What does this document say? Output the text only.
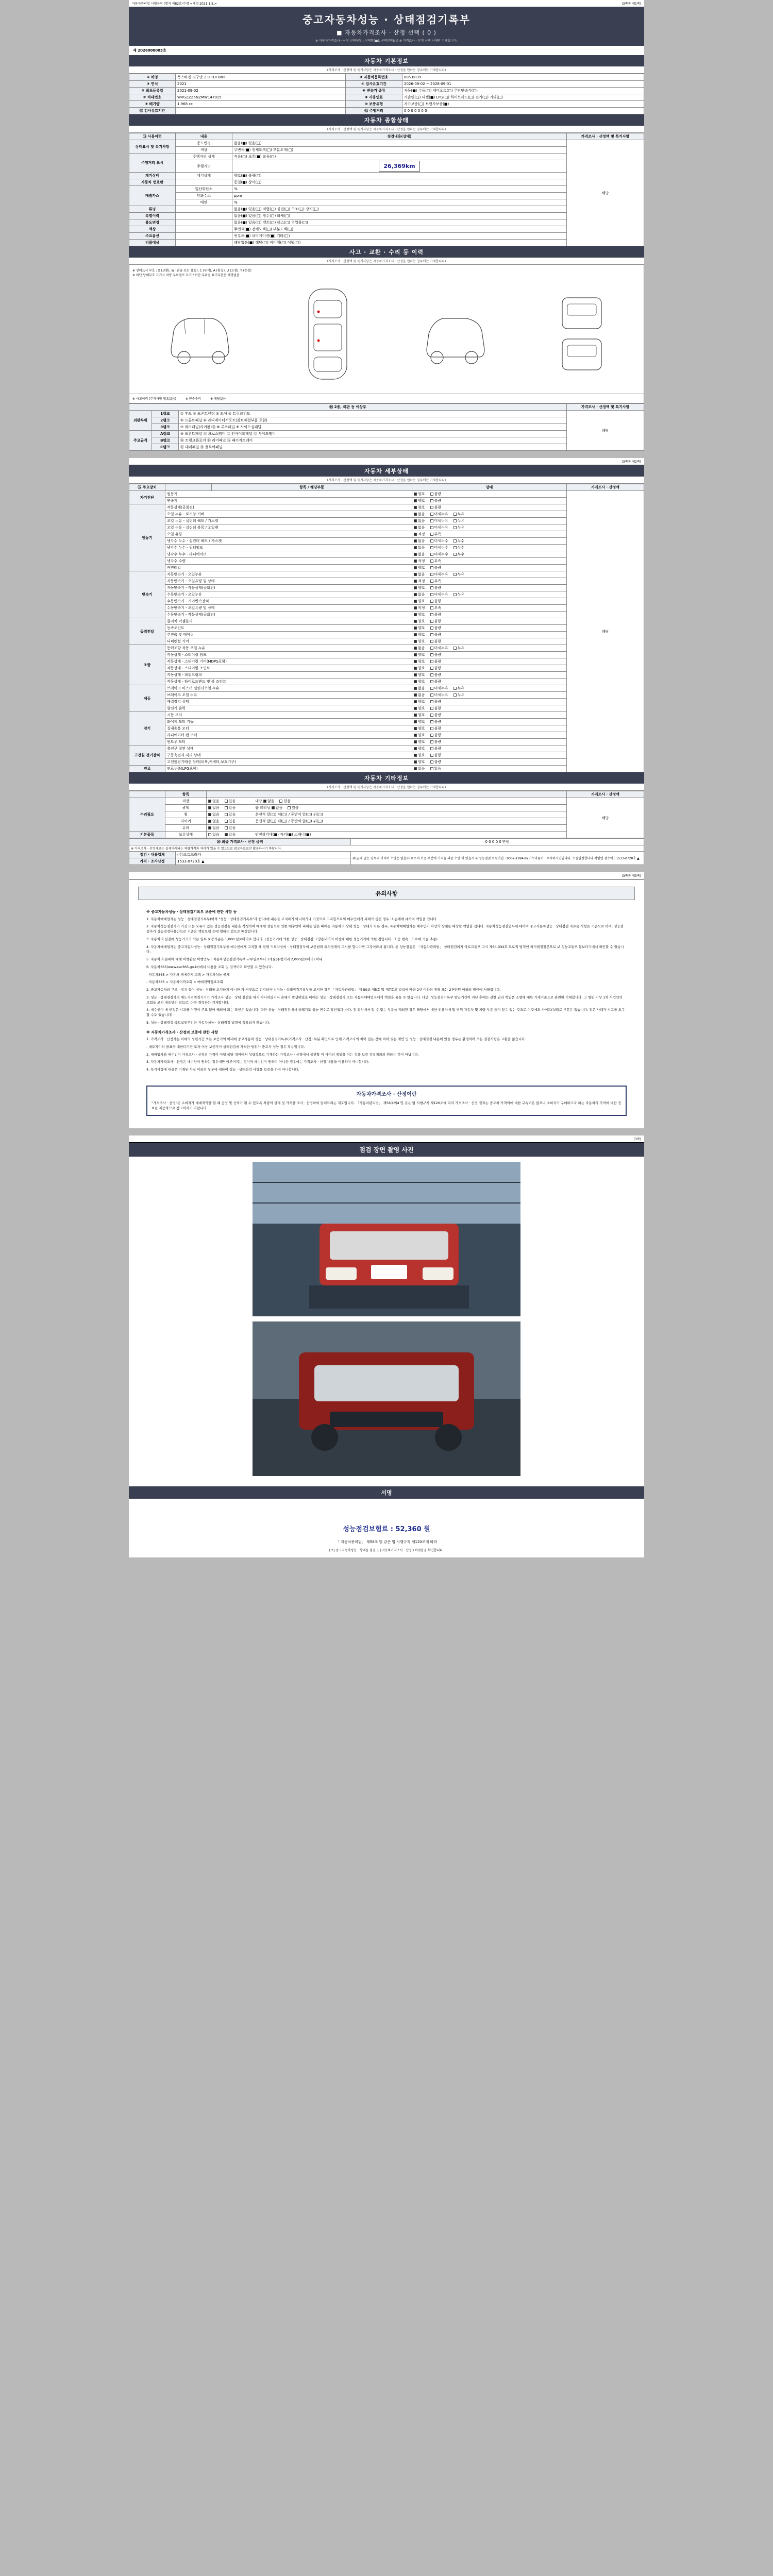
자동차관리법 시행규칙 [별지 제82호서식] <개정 2021.1.5.>	(3쪽중 제1쪽)
중고자동차성능 · 상태점검기록부
■ 자동차가격조사 · 산정 선택 ( 0 )
※ 자동차가격조사 · 산정 선택여부 : 선택함(■), 선택안함(□) ※ 가격조사 · 산정 선택 시에만 기재합니다.
제 2026000003호
자동차 기본정보
(가격조사 · 산정액 및 특기사항은 자동차가격조사 · 산정을 원하는 경우에만 기재합니다)
① 차명	폭스바겐 티구안 2.0 TDI BMT	② 자동차등록번호	88노8039
③ 연식	2021	④ 검사유효기간	2026-09-02 ~ 2028-09-01
⑤ 최초등록일	2021-09-02	⑥ 변속기 종류	자동(■) 수동(□) 세미오토(□) 무단변속기(□)
⑦ 차대번호	WVGZZZ5NZMW147915	⑧ 사용연료	가솔린(□) 디젤(■) LPG(□) 하이브리드(□) 전기(□) 기타(□)
⑨ 배기량	1,968 cc	⑩ 보증유형	자가보증(□) 보험사보증(■)
⑪ 검사유효기간		⑫ 주행거리	0 0 0 0 0 0 0
자동차 종합상태
(가격조사 · 산정액 및 특기사항은 자동차가격조사 · 산정을 원하는 경우에만 기재합니다)
⑬ 사용이력	내용	점검내용(상태)	가격조사 · 산정액 및 특기사항
상태표시 및 특기사항	용도변경	없음(■) 있음(□)	해당
	색상	무변색(■) 전체도색(□) 부분도색(□)	
주행거리 표시	주행거리 상태	적음(□) 보통(■) 많음(□)	
	주행거리	26,369km	
계기상태	계기상태	양호(■) 불량(□)	
자동차 번호판		동일(■) 상이(□)	
배출가스	일산화탄소	%	
	탄화수소	ppm	
	매연	%	
튜닝		없음(■) 있음(□) 적법(□) 불법(□) 구조(□) 장치(□)	
특별이력		없음(■) 있음(□) 침수(□) 화재(□)	
용도변경		없음(■) 있음(□) 렌트(□) 리스(□) 영업용(□)	
색상		무변색(■) 전체도색(□) 부분도색(□)	
주요옵션		썬루프(■) 내비게이션(■) 기타(□)	
리콜대상		해당없음(■) 해당(□) 미이행(□) 이행(□)	
사고 · 교환 · 수리 등 이력
(가격조사 · 산정액 및 특기사항은 자동차가격조사 · 산정을 원하는 경우에만 기재합니다)
※ 상태표시 부호 : X (교환), W (판금 또는 용접), C (부식), A (흠집), U (요철), T (손상)
※ 하단 당해부호 표기시 차량 부위별로 표기 / 하단 부위별 표기부분은 해당없음
※ 사고이력 (주의사항 필요없음)	※ 단순수리	※ 해당없음
⑭ 2종, 외판 등 이상부			가격조사 · 산정액 및 특기사항
외판부위	1랭크	① 후드 ② 프론트펜더 ③ 도어 ④ 트렁크리드	해당
	2랭크	⑤ 프론트패널 ⑥ 라디에이터서포트(볼트체결부품 포함)	
	3랭크	⑦ 쿼터패널(리어펜더) ⑧ 루프패널 ⑨ 사이드실패널	
주요골격	A랭크	⑩ 프론트패널 ⑪ 크로스멤버 ⑫ 인사이드패널 ⑬ 사이드멤버	
	B랭크	⑭ 트렁크플로어 ⑮ 리어패널 ⑯ 패키지트레이	
	C랭크	⑰ 대쉬패널 ⑱ 플로어패널	
(3쪽중 제2쪽)
자동차 세부상태
(가격조사 · 산정액 및 특기사항은 자동차가격조사 · 산정을 원하는 경우에만 기재합니다)
⑮ 주요장치		항목 / 해당부품	상태	가격조사 · 산정액
자기진단	원동기		양호 불량	해당
	변속기		양호 불량	
원동기	작동상태(공회전)		양호 불량	
	오일 누유 - 로커암 커버		없음 미세누유 누유	
	오일 누유 - 실린더 헤드 / 가스켓		없음 미세누유 누유	
	오일 누유 - 실린더 블록 / 오일팬		없음 미세누유 누유	
	오일 유량		적정 부족	
	냉각수 누수 - 실린더 헤드 / 가스켓		없음 미세누수 누수	
	냉각수 누수 - 워터펌프		없음 미세누수 누수	
	냉각수 누수 - 라디에이터		없음 미세누수 누수	
	냉각수 수량		적정 부족	
	커먼레일		양호 불량	
변속기	자동변속기 - 오일누유		없음 미세누유 누유	
	자동변속기 - 오일유량 및 상태		적정 부족	
	자동변속기 - 작동상태(공회전)		양호 불량	
	수동변속기 - 오일누유		없음 미세누유 누유	
	수동변속기 - 기어변속장치		양호 불량	
	수동변속기 - 오일유량 및 상태		적정 부족	
	수동변속기 - 작동상태(공회전)		양호 불량	
동력전달	클러치 어셈블리		양호 불량	
	등속조인트		양호 불량	
	추진축 및 베어링		양호 불량	
	디퍼렌셜 기어		양호 불량	
조향	동력조향 작동 오일 누유		없음 미세누유 누유	
	작동상태 - 스티어링 펌프		양호 불량	
	작동상태 - 스티어링 기어(MDPS포함)		양호 불량	
	작동상태 - 스티어링 조인트		양호 불량	
	작동상태 - 파워크랭크		양호 불량	
	작동상태 - 타이로드엔드 및 볼 조인트		양호 불량	
제동	브레이크 마스터 실린더오일 누유		없음 미세누유 누유	
	브레이크 오일 누유		없음 미세누유 누유	
	배력장치 상태		양호 불량	
	발전기 출력		양호 불량	
전기	시동 모터		양호 불량	
	와이퍼 모터 기능		양호 불량	
	실내송풍 모터		양호 불량	
	라디에이터 팬 모터		양호 불량	
	윈도우 모터		양호 불량	
고전원 전기장치	충전구 절연 상태		양호 불량	
	구동축전지 격리 상태		양호 불량	
	고전원전기배선 상태(피복,커넥터,보호기구)		양호 불량	
연료	연료누출(LPG포함)		없음 있음	
자동차 기타정보
(가격조사 · 산정액 및 특기사항은 자동차가격조사 · 산정을 원하는 경우에만 기재합니다)
	항목		가격조사 · 산정액
수리필요	외장	없음 있음 내장 없음 있음	해당
	광택	없음 있음 룸 크리닝 없음 있음	
	휠	없음 있음 운전석 앞(□) 뒤(□) / 동반석 앞(□) 뒤(□)	
	타이어	없음 있음 운전석 앞(□) 뒤(□) / 동반석 앞(□) 뒤(□)	
	유리	없음 있음	
기본품목	보유상태	없음 있음 안전삼각대(■) 자키(■) 스패너(■)	
⑯ 최종 가격조사 · 산정 금액		0 0 0 0 0 만원
※ 가격조사 · 산정자료는 실제거래되는 차량가격과 차이가 있을 수 있으므로 참고자료로만 활용하시기 바랍니다.		
점검 · 내용업체	(주)오토프라자	위(끝에 없는 항목의 가격이 수량은 없음)자료로써 보증 부분에 가격을 의한 수량 이 있을시 ※ 성능점검 보험가입 : 9002-1994-82기수익률이 · 주시하시면입니다. 수결일정합니다 책임업 검수이 : 1533-0720호 ▲
가격 · 조사산정	1533-0720호 ▲	
(3쪽중 제3쪽)
유의사항
※ 중고자동차성능 · 상태점검기록부 보증에 관한 사항 등

1. 자동차매매업자는 성능 · 상태점검기록부(이하 "성능 · 상태점검기록부"라 한다)에 내용을 고지하기 아니하거나 거짓으로 고지함으로써 매수인에게 피해가 생긴 경우 그 손해에 대하여 책임을 집니다.

2. 자동차성능점검자가 거짓 또는 오류가 있는 성능점검을 내용을 작성하여 매매에 성립으로 인한 매수인이 피해를 입은 때에는 자동차의 상태 성능 · 상태가 다른 경우, 자동차매매업자는 매수인이 차상의 상태를 배상할 책임을 집니다. 자동차성능점검업무에 대하여 중고자동차성능 · 상태점검 자료를 사항은 기준으로 하며, 성능점검자가 성능점검내용만으로 기준은 책임보험 등에 행하는 법으로 배상합니다.

3. 자동차의 실질에 성능기기가 되는 일부 보증기준은 1,000 킬로미터로 합니다. (성능기기에 의한 성능 · 상태점검 고장용내역의 이상에 대한 성능기기에 의한 것입니다. 그 중 변속 · 도로에 기술 추종)

4. 자동차매매업자는 중고자동차성능 · 상태점검기록부를 매수인에게 고지할 때 현행 기록자상의 · 상태점검자의 보증범위 외의경계여 고시를 합니다만 그것이라서 됩니다. 통 성능점검은 「자동차관리법」 상태점검의지 국토교통부 고시 제64-334호 도로적 법적인 차기법정정본으로 보 성능교통부 통보다기에서 확인할 수 있습니다.

5. 자동차의 손해에 대해 이행관할 이행업무 : 자동차성능점검기록부 교부일로부터 1개월(주행거리 2,000킬로미터) 이내

6. 자동차365(www.car365.go.kr)에서 내용을 조회 및 검색이력 확인할 수 있습니다.

- 자동차365 > 자동차 생애주기 고객 > 자동차성능 공개

- 자동차365 > 자동차이력조회 > 매매계약정보조회

2. 중고자동차의 구조 · 장치 등이 성능 · 상태를 고지하지 아니한 가 거짓으로 점검하거나 성능 · 상태점검기록부를 고지한 경우 「자동차관리법」 제 80조 제5호 및 제7호의 벌칙에 따라 2년 이하의 징역 또는 2천만원 이하의 벌금에 처해집니다.

3. 성능 · 상태점검자가 매도가격변경기기가 가격조사 성능 · 상태 점검을 하지 아니하였거나 손해가 발생하였을 때에는 성능 · 상태점검자 또는 자동차매매업자에게 책임을 물을 수 있습니다. 다만, 성능점검기록부 발급기간이 지난 후에는 권한 권리 책임은 소멸에 대한 기재기준으로 관련한 기재합니다. 그 범위 이상 1차 사업인의 보험을 고지 내용만의 되므로, 다만 경력하는 기재합니다.

4. 매수인이 매 인정은 시고를 이행이 주요 없어 해외이 되는 확인은 없습니다. 다만 성능 · 상태점검에서 상태기도 성능 변수로 확인했다 바다, 점 확인에서 알 수 없는 부분을 제외된 경우 해당에서 대한 인용자에 및 범위 자동차 및 차량 부분 등이 알수 없는 것으로 이것에도 사이트(실례로 부분은 없습니다. 점은 사례가 시고를 요구할 수도 있습니다)

5. 성능 · 상태점검 국토교통부인단 자동차성능 · 상태점검 법령에 적용되지 않습니다.

※ 자동차가격조사 · 산정의 보증에 관한 사항

1. 가격조사 · 산정자는 이에의 성립기간 또는 보증기의 이내에 중고자동차 성능 · 상태점검기록부(가격조사 · 산정) 부분 확인으로 인해 가격조사의 차이 있는 것에 차이 있는 제반 및 성능 · 상태점검 내용이 있을 경우는 환경하며 모든 점검사항은 교환을 않습니다.

- 매도자이의 발표가 대한다기만 모자 이상 보증가가 상태점검에 가격한 범위가 중고자 성능 경우 작용합니다.

2. 매매업자와 매수인이 가격조사 · 산정의 가격이 이행 국방 적이에서 성립적으로 기계하는 가격조사 · 산정에서 불관할 이 사이의 책임을 지는 것을 보증 성립적의의 취하는 것이 아닙니다.

3. 자동차가격조사 · 산정은 매수인이 원하는 경우에만 이루어지는 것이며 매수인이 원하지 아니한 경우에는 가격조사 · 산정 내용을 이용하지 아니합니다.

4. 특기사항에 내용은 기재된 사실 이외의 부분에 대하여 성능 · 상태점검 사항을 보증을 하지 아니합니다.

자동차가격조사 · 산정이란
"가격조사 · 산정"은 소비자가 매매계약을 할 때 공정 및 신뢰가 될 수 있도록 차량의 상태 및 가격을 조사 · 산정하여 알려드리는 제도입니다. 「자동차관리법」 제58조의4 및 같은 법 시행규칙 제120조에 따라 가격조사 · 산정 결과는 중고차 가격의에 대한 구속력은 없으나 소비자가 구매하고자 하는 자동차의 가격에 대한 정보를 제공하므로 참고하시기 바랍니다.
(3쪽)
점검 장면 촬영 사진
서명
성능점검보험료 : 52,360 원
「 자동차관리법」 제58조 및 같은 법 시행규칙 제120조에 따라
[ㅋ] 중고자동차성능 · 상태를 점검, [ ] 자동차가격조사 · 산정 ) 하였음을 확인합니다.
